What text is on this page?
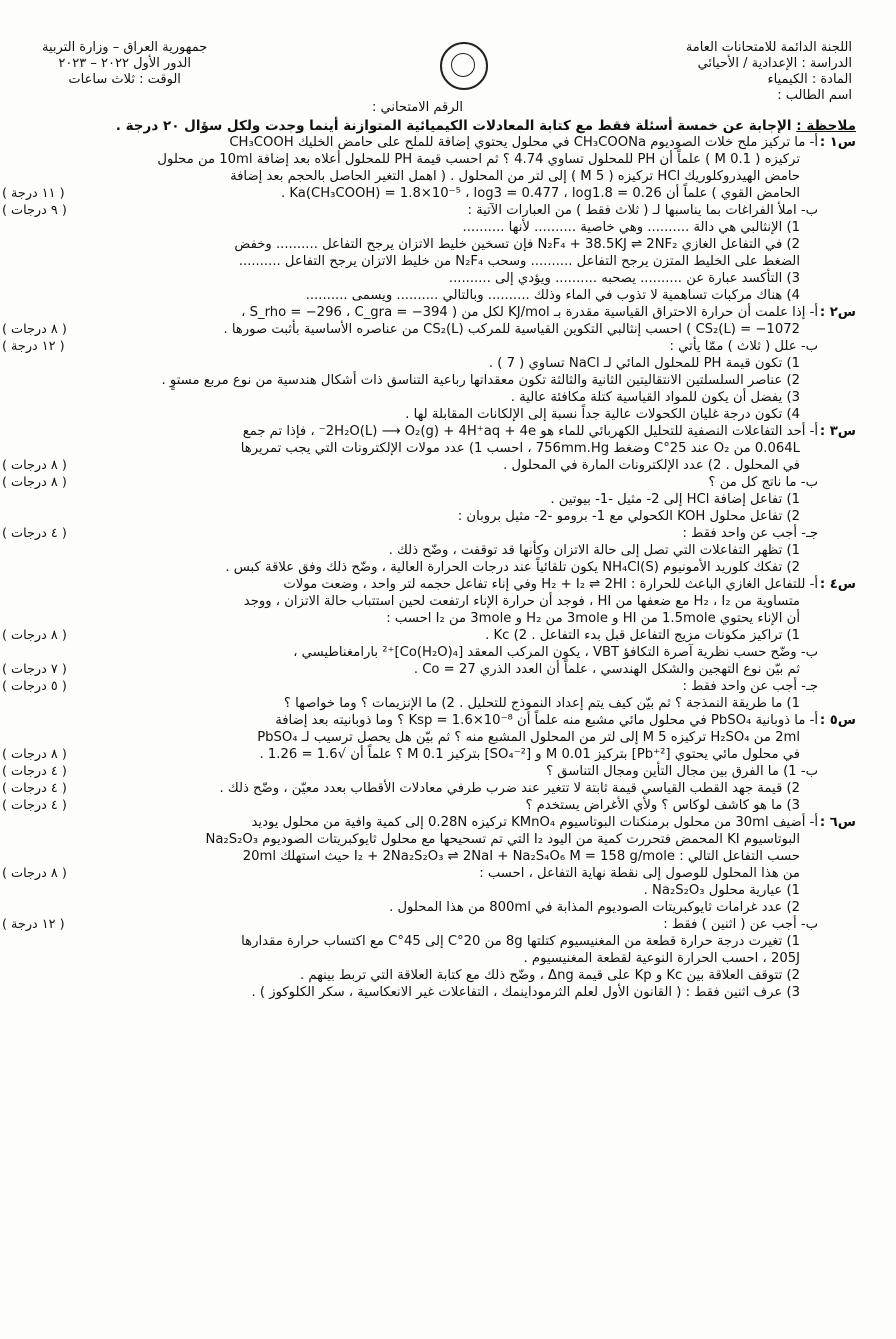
اللجنة الدائمة للامتحانات العامة
الدراسة : الإعدادية / الأحيائي
المادة : الكيمياء
اسم الطالب :
جمهورية العراق – وزارة التربية
الدور الأول ٢٠٢٢ – ٢٠٢٣
الوقت : ثلاث ساعات
الرقم الامتحاني :
ملاحظة : الإجابة عن خمسة أسئلة فقط مع كتابة المعادلات الكيميائية المتوازنة أينما وجدت ولكل سؤال ٢٠ درجة .
س١ :
أ- ما تركيز ملح خلات الصوديوم CH₃COONa في محلول يحتوي إضافة للملح على حامض الخليك CH₃COOH
تركيزه ( 0.1 M ) علماً أن PH للمحلول تساوي 4.74 ؟ ثم احسب قيمة PH للمحلول أعلاه بعد إضافة 10ml من محلول
حامض الهيدروكلوريك HCl تركيزه ( 5 M ) إلى لتر من المحلول . ( اهمل التغير الحاصل بالحجم بعد إضافة
الحامض القوي ) علماً أن Ka(CH₃COOH) = 1.8×10⁻⁵ ، log3 = 0.477 ، log1.8 = 0.26 .
( ١١ درجة )
ب- املأ الفراغات بما يناسبها لـ ( ثلاث فقط ) من العبارات الآتية :
( ٩ درجات )
1) الإنثالبي هي دالة .......... وهي خاصية .......... لأنها ..........
2) في التفاعل الغازي N₂F₄ + 38.5KJ ⇌ 2NF₂ فإن تسخين خليط الاتزان يرجح التفاعل .......... وخفض
الضغط على الخليط المتزن يرجح التفاعل .......... وسحب N₂F₄ من خليط الاتزان يرجح التفاعل ..........
3) التأكسد عبارة عن .......... يصحبه .......... ويؤدي إلى ..........
4) هناك مركبات تساهمية لا تذوب في الماء وذلك .......... وبالتالي .......... ويسمى ..........
س٢ :
أ- إذا علمت أن حرارة الاحتراق القياسية مقدرة بـ KJ/mol لكل من ( S_rho = −296 ، C_gra = −394 ،
CS₂(L) = −1072 ) احسب إنثالبي التكوين القياسية للمركب CS₂(L) من عناصره الأساسية بأثبت صورها .
( ٨ درجات )
ب- علل ( ثلاث ) ممّا يأتي :
( ١٢ درجة )
1) تكون قيمة PH للمحلول المائي لـ NaCl تساوي ( 7 ) .
2) عناصر السلسلتين الانتقاليتين الثانية والثالثة تكون معقداتها رباعية التناسق ذات أشكال هندسية من نوع مربع مستوٍ .
3) يفضل أن يكون للمواد القياسية كتلة مكافئة عالية .
4) تكون درجة غليان الكحولات عالية جداً نسبة إلى الإلكانات المقابلة لها .
س٣ :
أ- أحد التفاعلات النصفية للتحليل الكهربائي للماء هو 2H₂O(L) ⟶ O₂(g) + 4H⁺aq + 4e⁻ ، فإذا تم جمع
0.064L من O₂ عند 25°C وضغط 756mm.Hg ، احسب 1) عدد مولات الإلكترونات التي يجب تمريرها
في المحلول . 2) عدد الإلكترونات المارة في المحلول .
( ٨ درجات )
ب- ما ناتج كل من ؟
( ٨ درجات )
1) تفاعل إضافة HCl إلى 2- مثيل -1- بيوتين .
2) تفاعل محلول KOH الكحولي مع 1- برومو -2- مثيل بروبان :
جـ- أجب عن واحد فقط :
( ٤ درجات )
1) تظهر التفاعلات التي تصل إلى حالة الاتزان وكأنها قد توقفت ، وضّح ذلك .
2) تفكك كلوريد الأمونيوم NH₄Cl(S) يكون تلقائياً عند درجات الحرارة العالية ، وضّح ذلك وفق علاقة كبس .
س٤ :
أ- للتفاعل الغازي الباعث للحرارة : H₂ + I₂ ⇌ 2HI وفي إناء تفاعل حجمه لتر واحد ، وضعت مولات
متساوية من H₂ ، I₂ مع ضعفها من HI ، فوجد أن حرارة الإناء ارتفعت لحين استتباب حالة الاتزان ، ووجد
أن الإناء يحتوي 1.5mole من HI و 3mole من H₂ و 3mole من I₂ احسب :
1) تراكيز مكونات مزيج التفاعل قبل بدء التفاعل . 2) Kc .
( ٨ درجات )
ب- وضّح حسب نظرية آصرة التكافؤ VBT ، يكون المركب المعقد [Co(H₂O)₄]⁺² بارامغناطيسي ،
ثم بيّن نوع التهجين والشكل الهندسي ، علماً أن العدد الذري Co = 27 .
( ٧ درجات )
جـ- أجب عن واحد فقط :
( ٥ درجات )
1) ما طريقة النمذجة ؟ ثم بيّن كيف يتم إعداد النموذج للتحليل . 2) ما الإنزيمات ؟ وما خواصها ؟
س٥ :
أ- ما ذوبانية PbSO₄ في محلول مائي مشبع منه علماً أن Ksp = 1.6×10⁻⁸ ؟ وما ذوبانيته بعد إضافة
2ml من H₂SO₄ تركيزه 5 M إلى لتر من المحلول المشبع منه ؟ ثم بيّن هل يحصل ترسيب لـ PbSO₄
في محلول مائي يحتوي [Pb⁺²] بتركيز 0.01 M و [SO₄⁻²] بتركيز 0.1 M ؟ علماً أن √1.6 = 1.26 .
( ٨ درجات )
ب- 1) ما الفرق بين مجال التأين ومجال التناسق ؟
( ٤ درجات )
2) قيمة جهد القطب القياسي قيمة ثابتة لا تتغير عند ضرب طرفي معادلات الأقطاب بعدد معيّن ، وضّح ذلك .
( ٤ درجات )
3) ما هو كاشف لوكاس ؟ ولأي الأغراض يستخدم ؟
( ٤ درجات )
س٦ :
أ- أضيف 30ml من محلول برمنكنات البوتاسيوم KMnO₄ تركيزه 0.28N إلى كمية وافية من محلول يوديد
البوتاسيوم KI المحمض فتحررت كمية من اليود I₂ التي تم تسحيحها مع محلول ثايوكبريتات الصوديوم Na₂S₂O₃
حسب التفاعل التالي : I₂ + 2Na₂S₂O₃ ⇌ 2NaI + Na₂S₄O₆ M = 158 g/mole حيث استهلك 20ml
من هذا المحلول للوصول إلى نقطة نهاية التفاعل ، احسب :
( ٨ درجات )
1) عيارية محلول Na₂S₂O₃ .
2) عدد غرامات ثايوكبريتات الصوديوم المذابة في 800ml من هذا المحلول .
ب- أجب عن ( اثنين ) فقط :
( ١٢ درجة )
1) تغيرت درجة حرارة قطعة من المغنيسيوم كتلتها 8g من 20°C إلى 45°C مع اكتساب حرارة مقدارها
205J ، احسب الحرارة النوعية لقطعة المغنيسيوم .
2) تتوقف العلاقة بين Kc و Kp على قيمة Δng ، وضّح ذلك مع كتابة العلاقة التي تربط بينهم .
3) عرف اثنين فقط : ( القانون الأول لعلم الثرموداينمك ، التفاعلات غير الانعكاسية ، سكر الكلوكوز ) .
